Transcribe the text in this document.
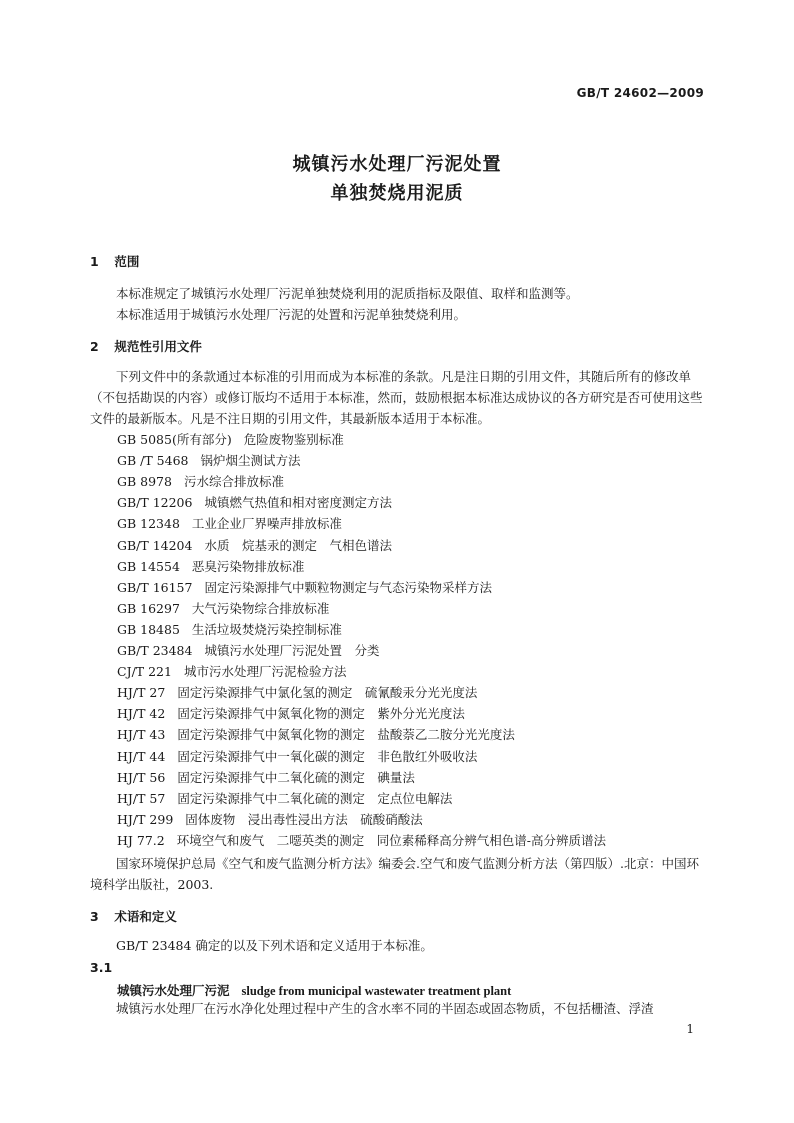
GB/T 24602—2009
城镇污水处理厂污泥处置
单独焚烧用泥质
1 范围
本标准规定了城镇污水处理厂污泥单独焚烧利用的泥质指标及限值、取样和监测等。
本标准适用于城镇污水处理厂污泥的处置和污泥单独焚烧利用。
2 规范性引用文件
下列文件中的条款通过本标准的引用而成为本标准的条款。凡是注日期的引用文件，其随后所有的修改单（不包括勘误的内容）或修订版均不适用于本标准，然而，鼓励根据本标准达成协议的各方研究是否可使用这些文件的最新版本。凡是不注日期的引用文件，其最新版本适用于本标准。
GB 5085(所有部分) 危险废物鉴别标准
GB /T 5468 锅炉烟尘测试方法
GB 8978 污水综合排放标准
GB/T 12206 城镇燃气热值和相对密度测定方法
GB 12348 工业企业厂界噪声排放标准
GB/T 14204 水质　烷基汞的测定　气相色谱法
GB 14554 恶臭污染物排放标准
GB/T 16157 固定污染源排气中颗粒物测定与气态污染物采样方法
GB 16297 大气污染物综合排放标准
GB 18485 生活垃圾焚烧污染控制标准
GB/T 23484 城镇污水处理厂污泥处置　分类
CJ/T 221 城市污水处理厂污泥检验方法
HJ/T 27 固定污染源排气中氯化氢的测定　硫氰酸汞分光光度法
HJ/T 42 固定污染源排气中氮氧化物的测定　紫外分光光度法
HJ/T 43 固定污染源排气中氮氧化物的测定　盐酸萘乙二胺分光光度法
HJ/T 44 固定污染源排气中一氧化碳的测定　非色散红外吸收法
HJ/T 56 固定污染源排气中二氧化硫的测定　碘量法
HJ/T 57 固定污染源排气中二氧化硫的测定　定点位电解法
HJ/T 299 固体废物　浸出毒性浸出方法　硫酸硝酸法
HJ 77.2 环境空气和废气　二噁英类的测定　同位素稀释高分辨气相色谱-高分辨质谱法
国家环境保护总局《空气和废气监测分析方法》编委会.空气和废气监测分析方法（第四版）.北京：中国环境科学出版社，2003.
3 术语和定义
GB/T 23484 确定的以及下列术语和定义适用于本标准。
3.1
城镇污水处理厂污泥 sludge from municipal wastewater treatment plant
城镇污水处理厂在污水净化处理过程中产生的含水率不同的半固态或固态物质，不包括栅渣、浮渣
1
